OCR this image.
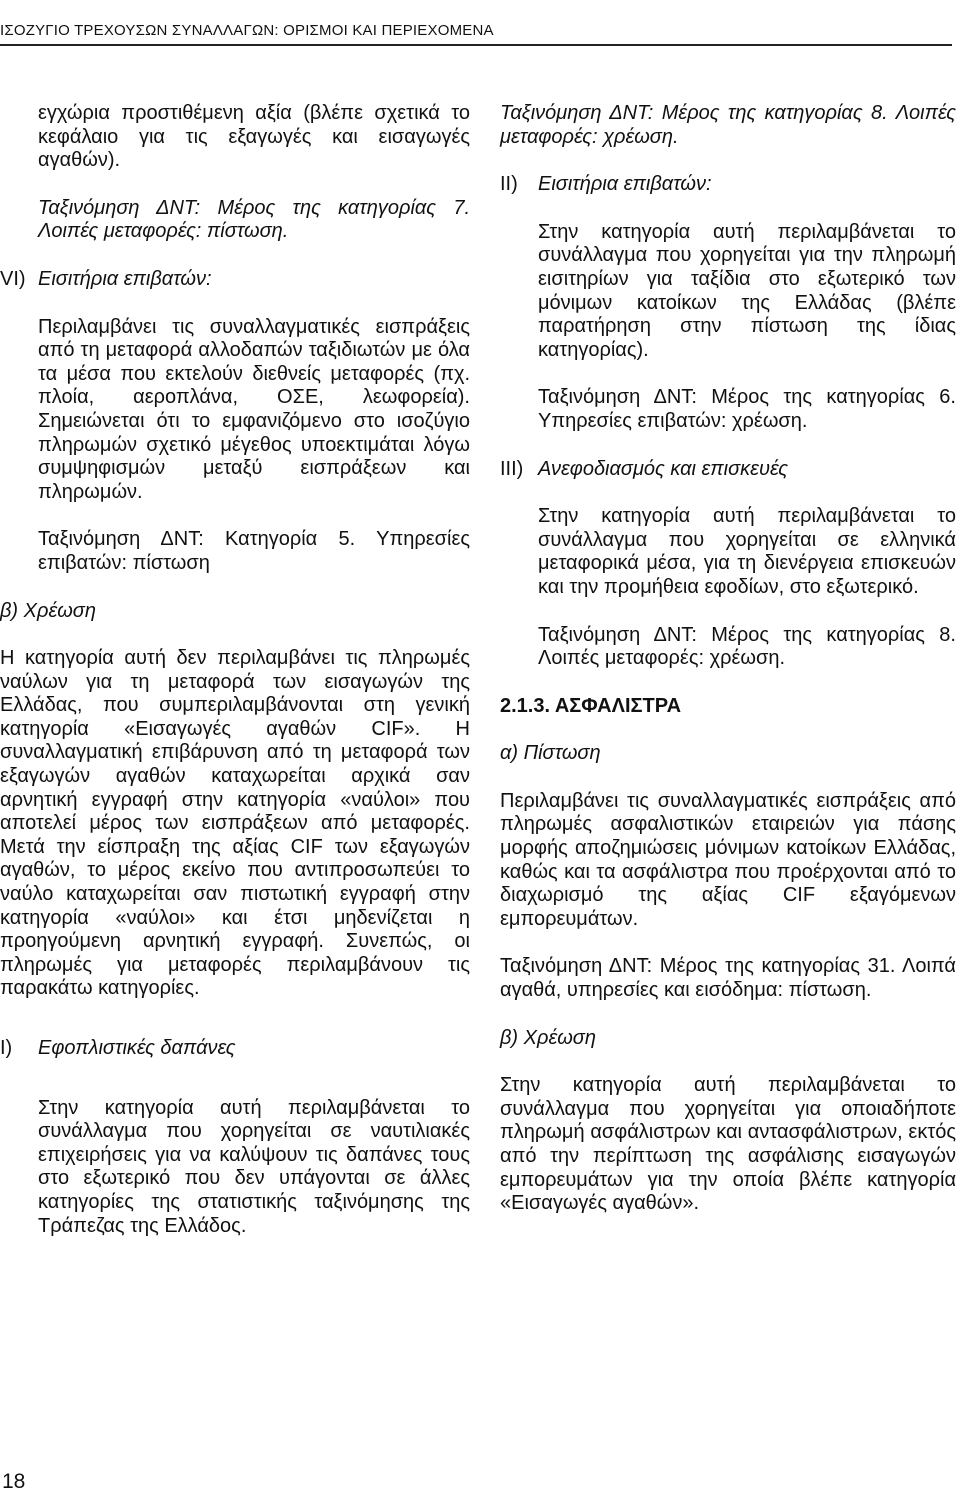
ΙΣΟΖΥΓΙΟ ΤΡΕΧΟΥΣΩΝ ΣΥΝΑΛΛΑΓΩΝ: ΟΡΙΣΜΟΙ ΚΑΙ ΠΕΡΙΕΧΟΜΕΝΑ

εγχώρια προστιθέμενη αξία (βλέπε σχετικά το κεφάλαιο για τις εξαγωγές και εισαγωγές αγαθών).

Ταξινόμηση ΔΝΤ: Μέρος της κατηγορίας 7. Λοιπές μεταφορές: πίστωση.

VI) Εισιτήρια επιβατών:

Περιλαμβάνει τις συναλλαγματικές εισπράξεις από τη μεταφορά αλλοδαπών ταξιδιωτών με όλα τα μέσα που εκτελούν διεθνείς μεταφορές (πχ. πλοία, αεροπλάνα, ΟΣΕ, λεωφορεία). Σημειώνεται ότι το εμφανιζόμενο στο ισοζύγιο πληρωμών σχετικό μέγεθος υποεκτιμάται λόγω συμψηφισμών μεταξύ εισπράξεων και πληρωμών.

Ταξινόμηση ΔΝΤ: Κατηγορία 5. Υπηρεσίες επιβατών: πίστωση

β) Χρέωση

Η κατηγορία αυτή δεν περιλαμβάνει τις πληρωμές ναύλων για τη μεταφορά των εισαγωγών της Ελλάδας, που συμπεριλαμβάνονται στη γενική κατηγορία «Εισαγωγές αγαθών CIF». Η συναλλαγματική επιβάρυνση από τη μεταφορά των εξαγωγών αγαθών καταχωρείται αρχικά σαν αρνητική εγγραφή στην κατηγορία «ναύλοι» που αποτελεί μέρος των εισπράξεων από μεταφορές. Μετά την είσπραξη της αξίας CIF των εξαγωγών αγαθών, το μέρος εκείνο που αντιπροσωπεύει το ναύλο καταχωρείται σαν πιστωτική εγγραφή στην κατηγορία «ναύλοι» και έτσι μηδενίζεται η προηγούμενη αρνητική εγγραφή. Συνεπώς, οι πληρωμές για μεταφορές περιλαμβάνουν τις παρακάτω κατηγορίες.

I)	Εφοπλιστικές δαπάνες

Στην κατηγορία αυτή περιλαμβάνεται το συνάλλαγμα που χορηγείται σε ναυτιλιακές επιχειρήσεις για να καλύψουν τις δαπάνες τους στο εξωτερικό που δεν υπάγονται σε άλλες κατηγορίες της στατιστικής ταξινόμησης της Τράπεζας της Ελλάδος.

Ταξινόμηση ΔΝΤ: Μέρος της κατηγορίας 8. Λοιπές μεταφορές: χρέωση.

II)	Εισιτήρια επιβατών:

Στην κατηγορία αυτή περιλαμβάνεται το συνάλλαγμα που χορηγείται για την πληρωμή εισιτηρίων για ταξίδια στο εξωτερικό των μόνιμων κατοίκων της Ελλάδας (βλέπε παρατήρηση στην πίστωση της ίδιας κατηγορίας).

Ταξινόμηση ΔΝΤ: Μέρος της κατηγορίας 6. Υπηρεσίες επιβατών: χρέωση.

III) Ανεφοδιασμός και επισκευές

Στην κατηγορία αυτή περιλαμβάνεται το συνάλλαγμα που χορηγείται σε ελληνικά μεταφορικά μέσα, για τη διενέργεια επισκευών και την προμήθεια εφοδίων, στο εξωτερικό.

Ταξινόμηση ΔΝΤ: Μέρος της κατηγορίας 8. Λοιπές μεταφορές: χρέωση.

2.1.3. ΑΣΦΑΛΙΣΤΡΑ

α) Πίστωση

Περιλαμβάνει τις συναλλαγματικές εισπράξεις από πληρωμές ασφαλιστικών εταιρειών για πάσης μορφής αποζημιώσεις μόνιμων κατοίκων Ελλάδας, καθώς και τα ασφάλιστρα που προέρχονται από το διαχωρισμό της αξίας CIF εξαγόμενων εμπορευμάτων.

Ταξινόμηση ΔΝΤ: Μέρος της κατηγορίας 31. Λοιπά αγαθά, υπηρεσίες και εισόδημα: πίστωση.

β) Χρέωση

Στην κατηγορία αυτή περιλαμβάνεται το συνάλλαγμα που χορηγείται για οποιαδήποτε πληρωμή ασφάλιστρων και αντασφάλιστρων, εκτός από την περίπτωση της ασφάλισης εισαγωγών εμπορευμάτων για την οποία βλέπε κατηγορία «Εισαγωγές αγαθών».

18
